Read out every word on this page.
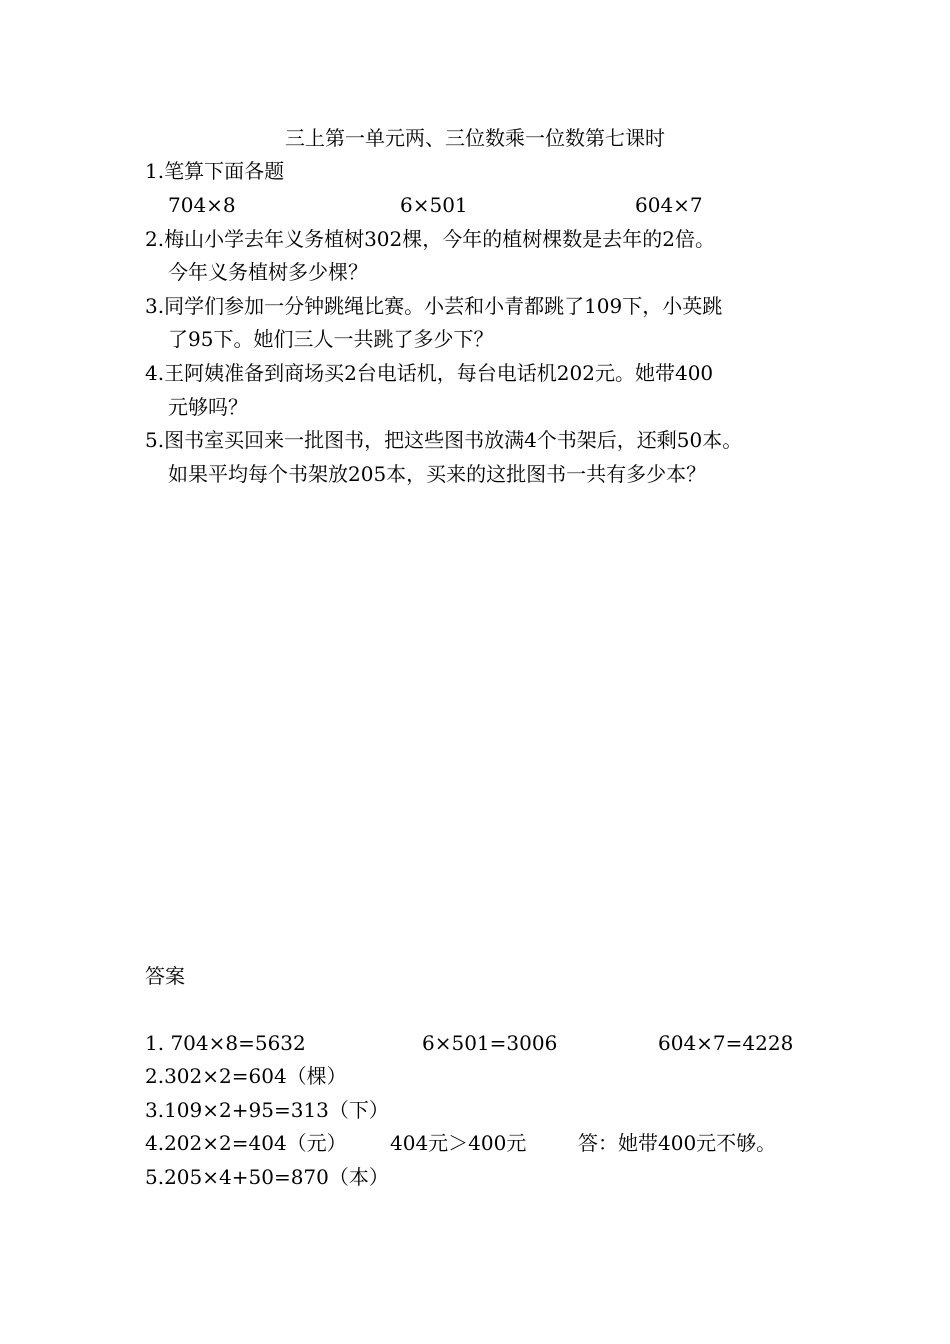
三上第一单元两、三位数乘一位数第七课时
1.笔算下面各题
704×8	6×501	604×7
2.梅山小学去年义务植树302棵，今年的植树棵数是去年的2倍。
今年义务植树多少棵？
3.同学们参加一分钟跳绳比赛。小芸和小青都跳了109下，小英跳
了95下。她们三人一共跳了多少下？
4.王阿姨准备到商场买2台电话机，每台电话机202元。她带400
元够吗？
5.图书室买回来一批图书，把这些图书放满4个书架后，还剩50本。
如果平均每个书架放205本，买来的这批图书一共有多少本？
答案
1. 704×8=5632	6×501=3006	604×7=4228
2.302×2=604（棵）
3.109×2+95=313（下）
4.202×2=404（元） 404元＞400元	答：她带400元不够。
5.205×4+50=870（本）
